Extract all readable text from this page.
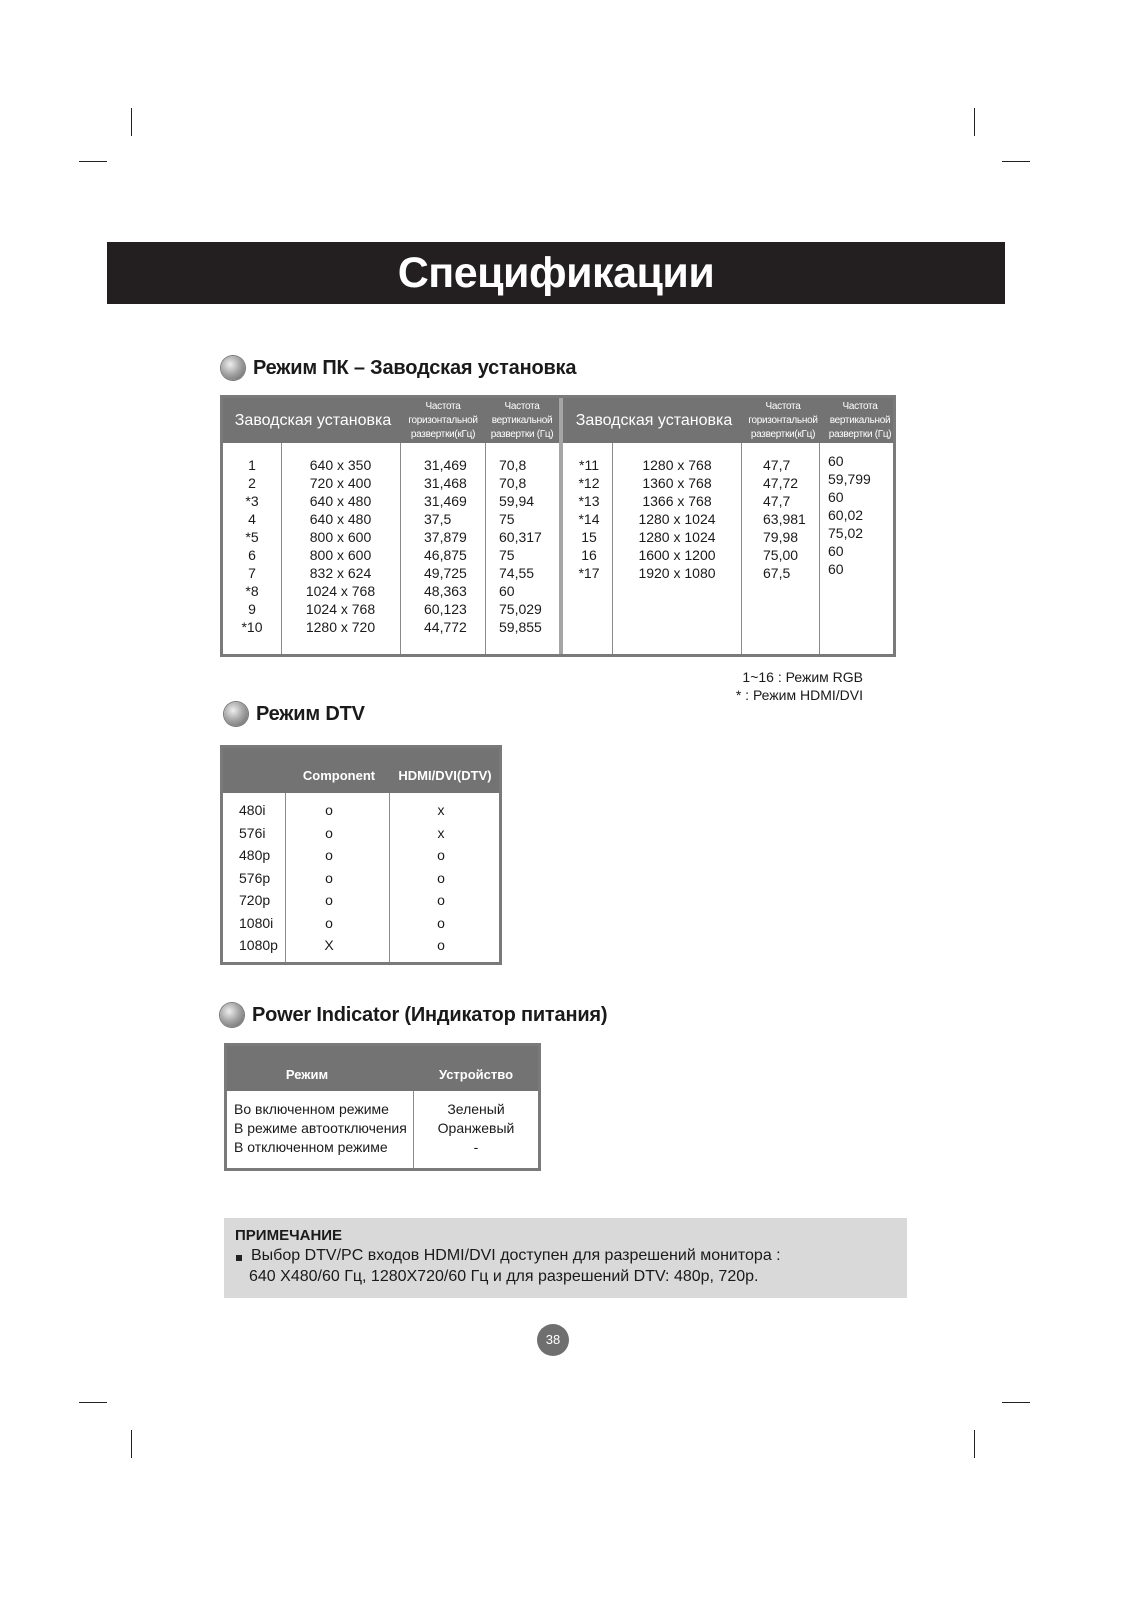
Спецификации
Режим ПК – Заводская установка
Заводская установка
Частота
горизонтальной
развертки(кГц)
Частота
вертикальной
развертки (Гц)
Заводская установка
Частота
горизонтальной
развертки(кГц)
Частота
вертикальной
развертки (Гц)
1
2
*3
4
*5
6
7
*8
9
*10
640 x 350
720 x 400
640 x 480
640 x 480
800 x 600
800 x 600
832 x 624
1024 x 768
1024 x 768
1280 x 720
31,469
31,468
31,469
37,5
37,879
46,875
49,725
48,363
60,123
44,772
70,8
70,8
59,94
75
60,317
75
74,55
60
75,029
59,855
*11
*12
*13
*14
15
16
*17
1280 x 768
1360 x 768
1366 x 768
1280 x 1024
1280 x 1024
1600 x 1200
1920 x 1080
47,7
47,72
47,7
63,981
79,98
75,00
67,5
60
59,799
60
60,02
75,02
60
60
1~16 : Режим RGB
* : Режим HDMI/DVI
Режим DTV
Component	HDMI/DVI(DTV)
480i
576i
480p
576p
720p
1080i
1080p
o
o
o
o
o
o
X
x
x
o
o
o
o
o
Power Indicator (Индикатор питания)
Режим	Устройство
Во включенном режиме
В режиме автоотключения
В отключенном режиме
Зеленый
Оранжевый
-
ПРИМЕЧАНИЕ
Выбор DTV/PC входов HDMI/DVI доступен для разрешений монитора :
640 X480/60 Гц, 1280X720/60 Гц и для разрешений DTV: 480p, 720p.
38
